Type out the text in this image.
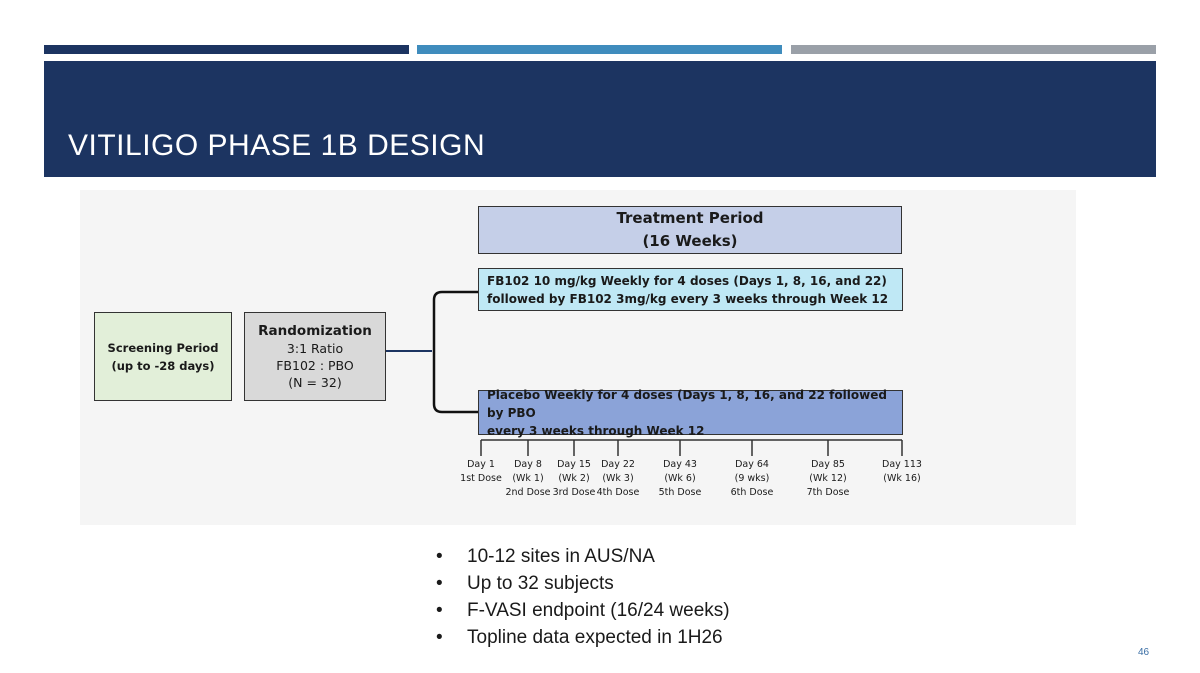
VITILIGO PHASE 1B DESIGN
Treatment Period
(16 Weeks)
FB102 10 mg/kg Weekly for 4 doses (Days 1, 8, 16, and 22)
followed by FB102 3mg/kg every 3 weeks through Week 12
Placebo Weekly for 4 doses (Days 1, 8, 16, and 22 followed by PBO
every 3 weeks through Week 12
Screening Period
(up to -28 days)
Randomization
3:1 Ratio
FB102 : PBO
(N = 32)
Day 1
1st Dose
Day 8
(Wk 1)
2nd Dose
Day 15
(Wk 2)
3rd Dose
Day 22
(Wk 3)
4th Dose
Day 43
(Wk 6)
5th Dose
Day 64
(9 wks)
6th Dose
Day 85
(Wk 12)
7th Dose
Day 113
(Wk 16)
• 10-12 sites in AUS/NA
• Up to 32 subjects
• F-VASI endpoint (16/24 weeks)
• Topline data expected in 1H26
46
